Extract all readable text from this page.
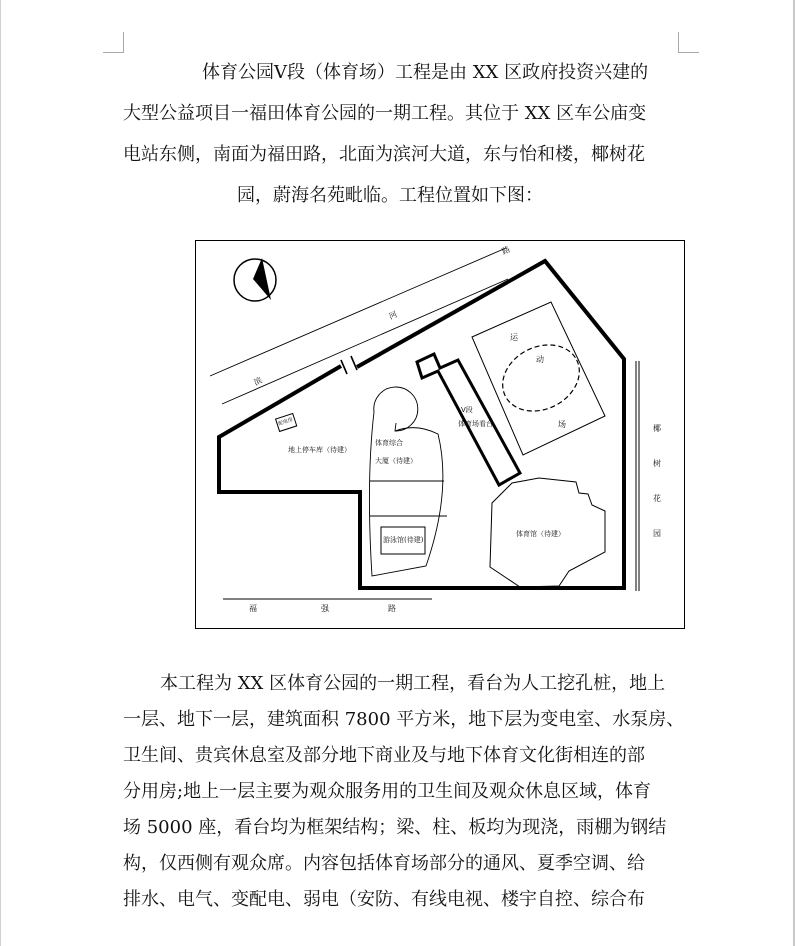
体育公园Ⅴ段（体育场）工程是由 XX 区政府投资兴建的
大型公益项目一福田体育公园的一期工程。其位于 XX 区车公庙变
电站东侧，南面为福田路，北面为滨河大道，东与怡和楼，椰树花
园，蔚海名苑毗临。工程位置如下图：
滨
河
路
福	强	路
椰
树
花
园
运
动
场
Ⅴ段
体育场看台
地上停车库（待建）
体育综合
大厦（待建）
游泳馆(待建)
体育馆（待建）
配电房
本工程为 XX 区体育公园的一期工程，看台为人工挖孔桩，地上
一层、地下一层，建筑面积 7800 平方米，地下层为变电室、水泵房、
卫生间、贵宾休息室及部分地下商业及与地下体育文化街相连的部
分用房;地上一层主要为观众服务用的卫生间及观众休息区域，体育
场 5000 座，看台均为框架结构；梁、柱、板均为现浇，雨棚为钢结
构，仅西侧有观众席。内容包括体育场部分的通风、夏季空调、给
排水、电气、变配电、弱电（安防、有线电视、楼宇自控、综合布
